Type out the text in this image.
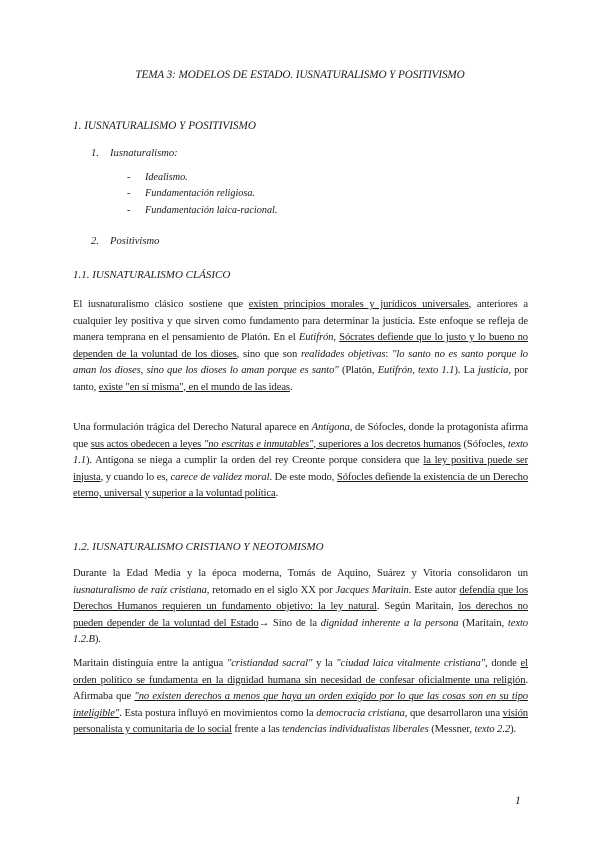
TEMA 3: MODELOS DE ESTADO. IUSNATURALISMO Y POSITIVISMO
1. IUSNATURALISMO Y POSITIVISMO
1. Iusnaturalismo:
- Idealismo.
- Fundamentación religiosa.
- Fundamentación laica-racional.
2. Positivismo
1.1. IUSNATURALISMO CLÁSICO
El iusnaturalismo clásico sostiene que existen principios morales y jurídicos universales, anteriores a cualquier ley positiva y que sirven como fundamento para determinar la justicia. Este enfoque se refleja de manera temprana en el pensamiento de Platón. En el Eutifrón, Sócrates defiende que lo justo y lo bueno no dependen de la voluntad de los dioses, sino que son realidades objetivas: "lo santo no es santo porque lo aman los dioses, sino que los dioses lo aman porque es santo" (Platón, Eutifrón, texto 1.1). La justicia, por tanto, existe "en sí misma", en el mundo de las ideas.
Una formulación trágica del Derecho Natural aparece en Antígona, de Sófocles, donde la protagonista afirma que sus actos obedecen a leyes "no escritas e inmutables", superiores a los decretos humanos (Sófocles, texto 1.1). Antígona se niega a cumplir la orden del rey Creonte porque considera que la ley positiva puede ser injusta, y cuando lo es, carece de validez moral. De este modo, Sófocles defiende la existencia de un Derecho eterno, universal y superior a la voluntad política.
1.2. IUSNATURALISMO CRISTIANO Y NEOTOMISMO
Durante la Edad Media y la época moderna, Tomás de Aquino, Suárez y Vitoria consolidaron un iusnaturalismo de raíz cristiana, retomado en el siglo XX por Jacques Maritain. Este autor defendía que los Derechos Humanos requieren un fundamento objetivo: la ley natural. Según Maritain, los derechos no pueden depender de la voluntad del Estado→ Sino de la dignidad inherente a la persona (Maritain, texto 1.2.B).
Maritain distinguía entre la antigua "cristiandad sacral" y la "ciudad laica vitalmente cristiana", donde el orden político se fundamenta en la dignidad humana sin necesidad de confesar oficialmente una religión. Afirmaba que "no existen derechos a menos que haya un orden exigido por lo que las cosas son en su tipo inteligible". Esta postura influyó en movimientos como la democracia cristiana, que desarrollaron una visión personalista y comunitaria de lo social frente a las tendencias individualistas liberales (Messner, texto 2.2).
1
